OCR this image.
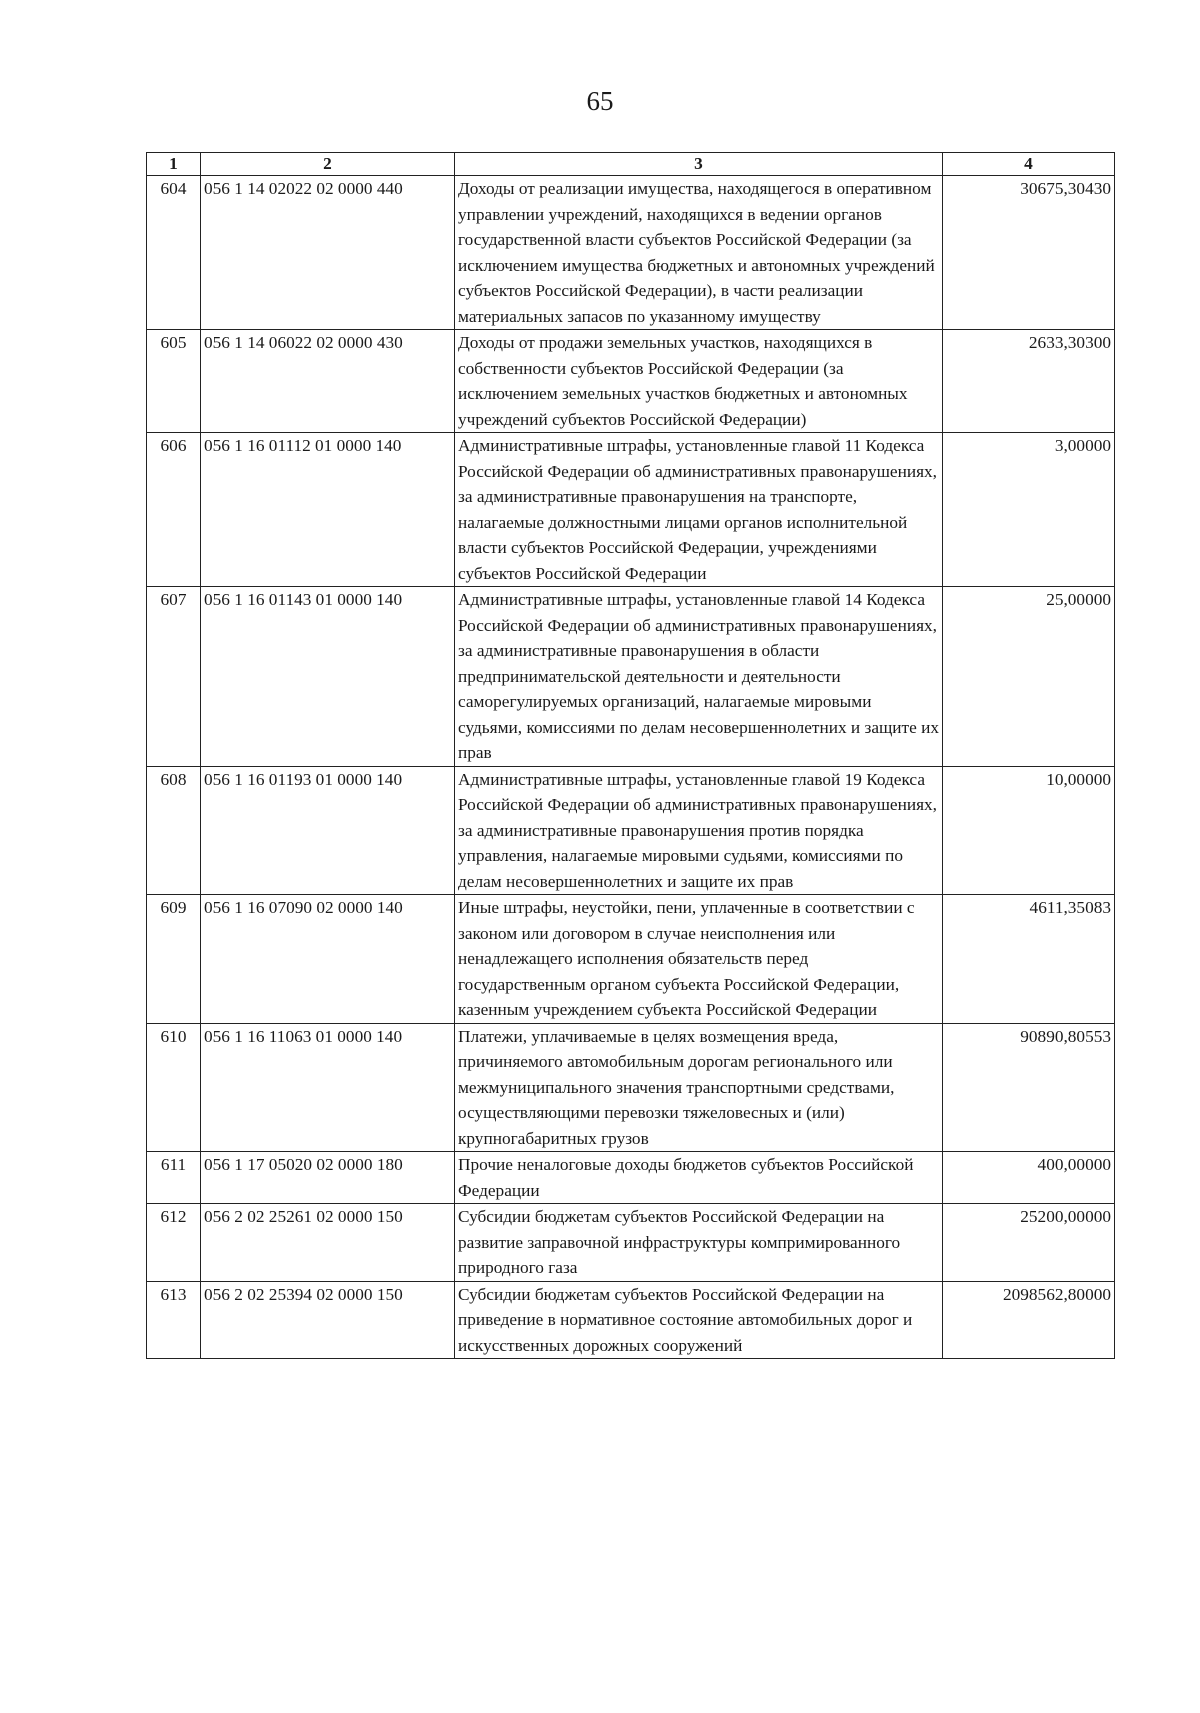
65
1	2	3	4
604	056 1 14 02022 02 0000 440	Доходы от реализации имущества, находящегося в оперативном управлении учреждений, находящихся в ведении органов государственной власти субъектов Российской Федерации (за исключением имущества бюджетных и автономных учреждений субъектов Российской Федерации), в части реализации материальных запасов по указанному имуществу	30675,30430
605	056 1 14 06022 02 0000 430	Доходы от продажи земельных участков, находящихся в собственности субъектов Российской Федерации (за исключением земельных участков бюджетных и автономных учреждений субъектов Российской Федерации)	2633,30300
606	056 1 16 01112 01 0000 140	Административные штрафы, установленные главой 11 Кодекса Российской Федерации об административных правонарушениях, за административные правонарушения на транспорте, налагаемые должностными лицами органов исполнительной власти субъектов Российской Федерации, учреждениями субъектов Российской Федерации	3,00000
607	056 1 16 01143 01 0000 140	Административные штрафы, установленные главой 14 Кодекса Российской Федерации об административных правонарушениях, за административные правонарушения в области предпринимательской деятельности и деятельности саморегулируемых организаций, налагаемые мировыми судьями, комиссиями по делам несовершеннолетних и защите их прав	25,00000
608	056 1 16 01193 01 0000 140	Административные штрафы, установленные главой 19 Кодекса Российской Федерации об административных правонарушениях, за административные правонарушения против порядка управления, налагаемые мировыми судьями, комиссиями по делам несовершеннолетних и защите их прав	10,00000
609	056 1 16 07090 02 0000 140	Иные штрафы, неустойки, пени, уплаченные в соответствии с законом или договором в случае неисполнения или ненадлежащего исполнения обязательств перед государственным органом субъекта Российской Федерации, казенным учреждением субъекта Российской Федерации	4611,35083
610	056 1 16 11063 01 0000 140	Платежи, уплачиваемые в целях возмещения вреда, причиняемого автомобильным дорогам регионального или межмуниципального значения транспортными средствами, осуществляющими перевозки тяжеловесных и (или) крупногабаритных грузов	90890,80553
611	056 1 17 05020 02 0000 180	Прочие неналоговые доходы бюджетов субъектов Российской Федерации	400,00000
612	056 2 02 25261 02 0000 150	Субсидии бюджетам субъектов Российской Федерации на развитие заправочной инфраструктуры компримированного природного газа	25200,00000
613	056 2 02 25394 02 0000 150	Субсидии бюджетам субъектов Российской Федерации на приведение в нормативное состояние автомобильных дорог и искусственных дорожных сооружений	2098562,80000
